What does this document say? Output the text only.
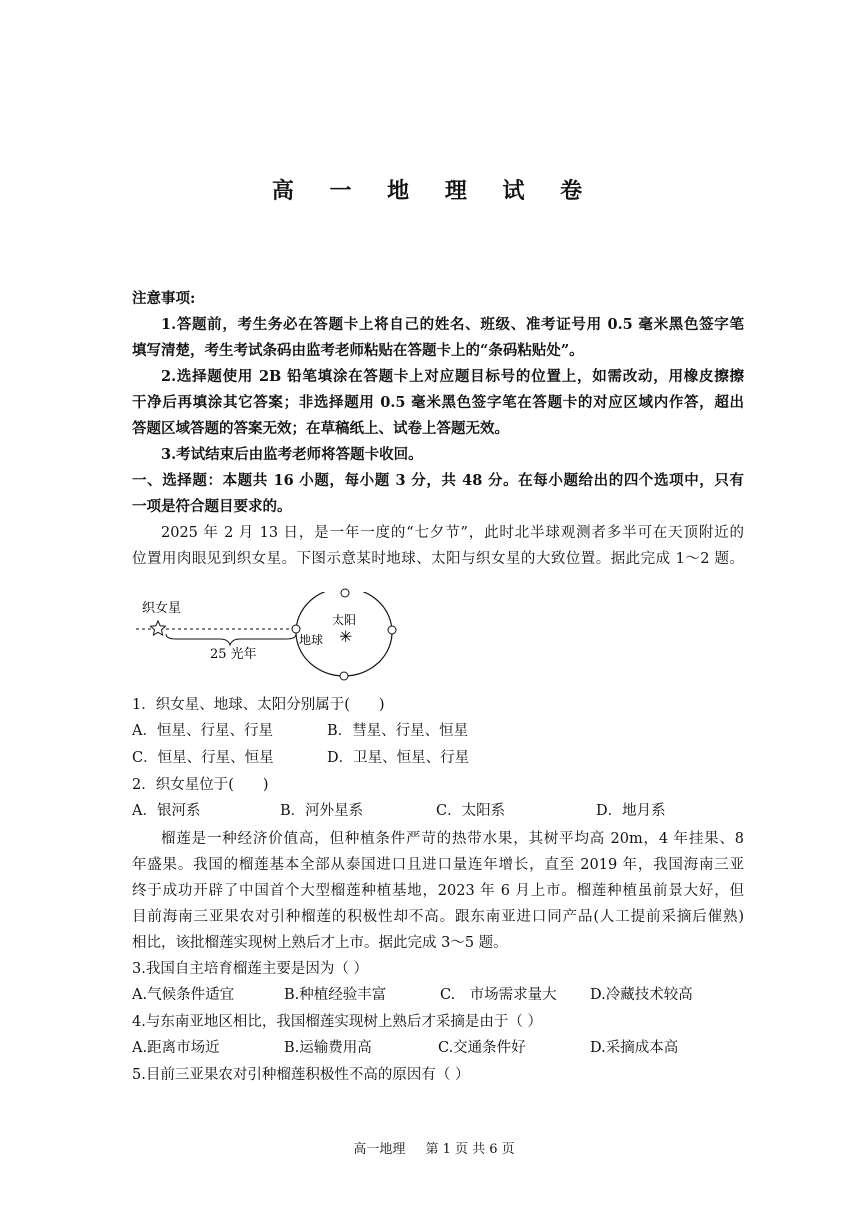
高 一 地 理 试 卷
注意事项:
1.答题前，考生务必在答题卡上将自己的姓名、班级、准考证号用 0.5 毫米黑色签字笔
填写清楚，考生考试条码由监考老师粘贴在答题卡上的“条码粘贴处”。
2.选择题使用 2B 铅笔填涂在答题卡上对应题目标号的位置上，如需改动，用橡皮擦擦
干净后再填涂其它答案；非选择题用 0.5 毫米黑色签字笔在答题卡的对应区域内作答，超出
答题区域答题的答案无效；在草稿纸上、试卷上答题无效。
3.考试结束后由监考老师将答题卡收回。
一、选择题：本题共 16 小题，每小题 3 分，共 48 分。在每小题给出的四个选项中，只有
一项是符合题目要求的。
2025 年 2 月 13 日，是一年一度的“七夕节”，此时北半球观测者多半可在天顶附近的
位置用肉眼见到织女星。下图示意某时地球、太阳与织女星的大致位置。据此完成 1～2 题。
织女星
25 光年
太阳
✳
地球
1．织女星、地球、太阳分别属于(　　)
A．恒星、行星、行星	B．彗星、行星、恒星
C．恒星、行星、恒星	D．卫星、恒星、行星
2．织女星位于(　　)
A．银河系	B．河外星系	C．太阳系	D．地月系
榴莲是一种经济价值高，但种植条件严苛的热带水果，其树平均高 20m，4 年挂果、8
年盛果。我国的榴莲基本全部从泰国进口且进口量连年增长，直至 2019 年，我国海南三亚
终于成功开辟了中国首个大型榴莲种植基地，2023 年 6 月上市。榴莲种植虽前景大好，但
目前海南三亚果农对引种榴莲的积极性却不高。跟东南亚进口同产品(人工提前采摘后催熟)
相比，该批榴莲实现树上熟后才上市。据此完成 3～5 题。
3.我国自主培育榴莲主要是因为（ ）
A.气候条件适宜	B.种植经验丰富	C.　市场需求量大	D.冷藏技术较高
4.与东南亚地区相比，我国榴莲实现树上熟后才采摘是由于（ ）
A.距离市场近	B.运输费用高	C.交通条件好	D.采摘成本高
5.目前三亚果农对引种榴莲积极性不高的原因有（ ）
高一地理 第 1 页 共 6 页
